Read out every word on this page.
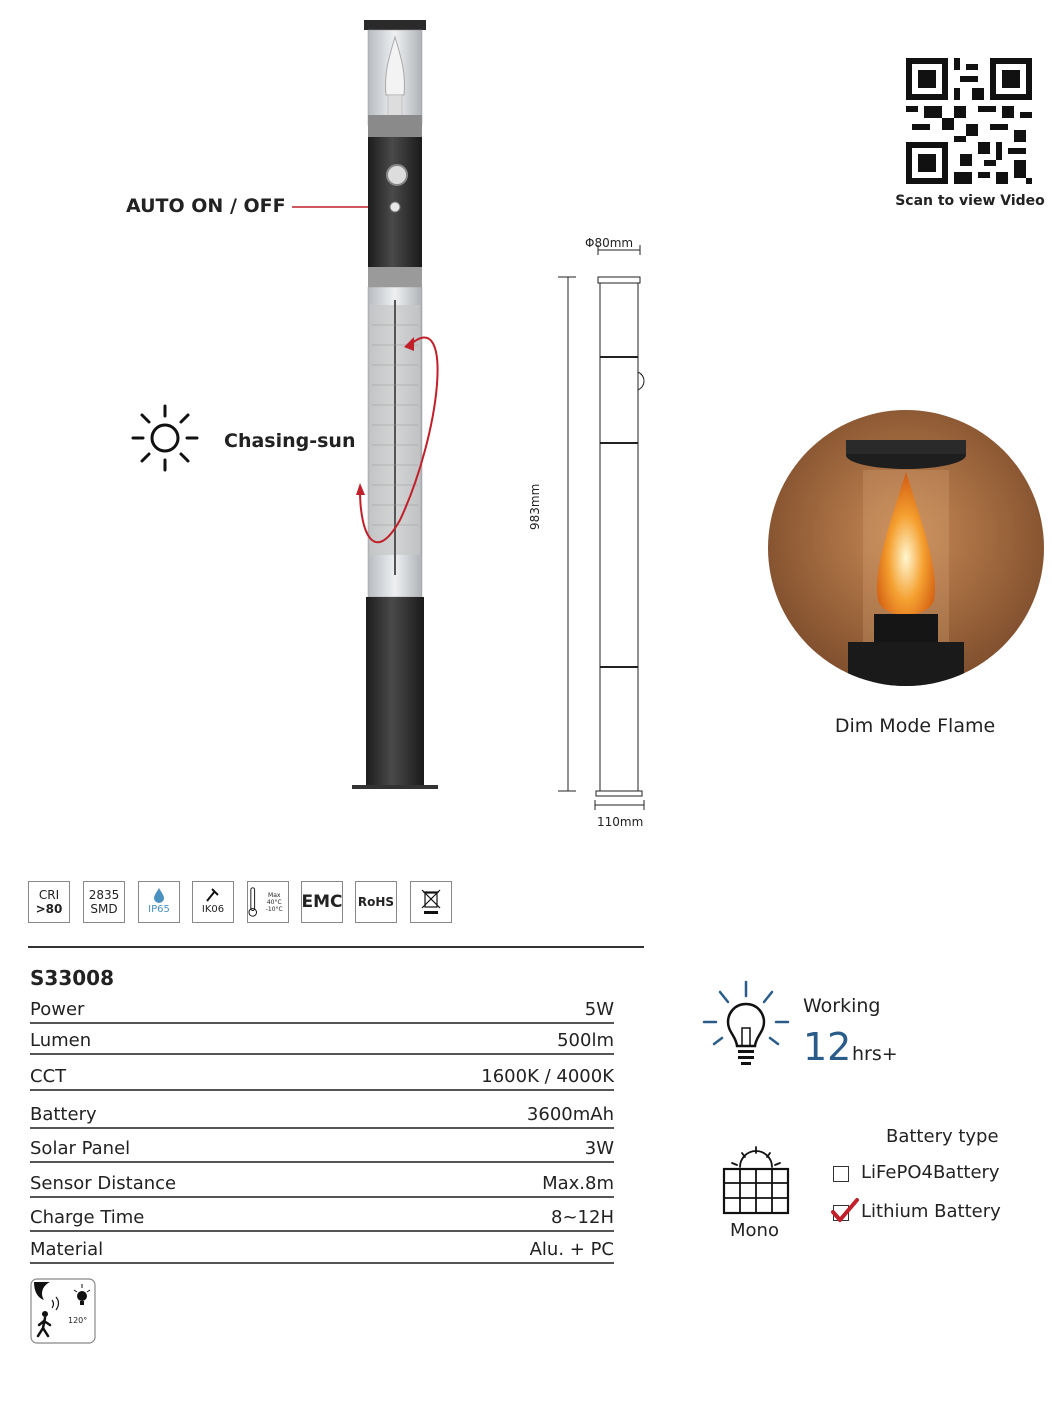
Scan to view Video
AUTO ON / OFF
Chasing-sun
Φ80mm
110mm
983mm
Dim Mode Flame
CRI
>80
2835
SMD	IP65	IK06
Max 40°C
-10°C	EMC RoHS
S33008
Power	5W
Lumen	500lm
CCT	1600K / 4000K
Battery	3600mAh
Solar Panel	3W
Sensor Distance	Max.8m
Charge Time	8~12H
Material	Alu. + PC
120°
Working
12 hrs+
Mono
Battery type
LiFePO4Battery
Lithium Battery
